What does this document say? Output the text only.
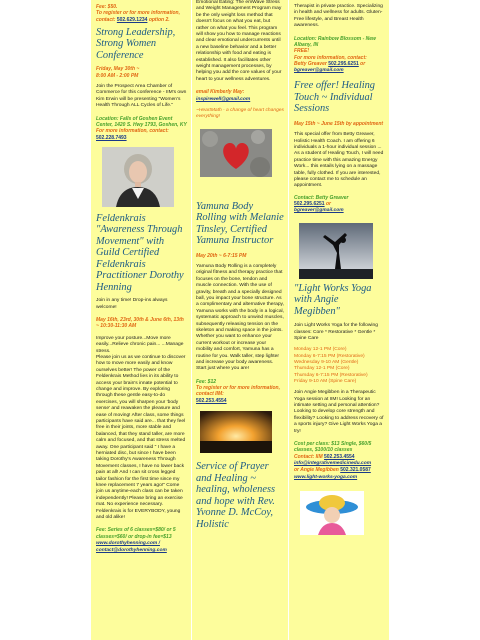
Fee: $50.

To register or for more information, contact: 502.629.1234 option 2.

Strong Leadership, Strong Women Conference

Friday, May 30th ~

8:00 AM - 2:00 PM

Join the Prospect Area Chamber of Commerce for this conference - IIM's own Kim Erwin will be presenting "Women's Health Through ALL Cycles of Life."

Location: Falls of Goshen Event Center, 1420 S. Hwy 1793, Goshen, KY

For more information, contact:

502.228.7493

Feldenkrais "Awareness Through Movement" with Guild Certified Feldenkrais Practitioner Dorothy Henning

Join in any time! Drop-ins always welcome!

May 16th, 23rd, 30th & June 6th, 13th ~ 10:30-11:30 AM

Improve your posture...Move more easily...Relieve chronic pain... ...Manage stress.

Please join us as we continue to discover how to move more easily and know ourselves better! The power of the Feldenkrais Method lies in its ability to access your brain's innate potential to change and improve. By exploring through these gentle easy-to-do exercises, you will sharpen your 'body sense' and reawaken the pleasure and ease of moving! After class, some things participants have said are... that they feel free in their joints, more stable and balanced, that they stand taller, are more calm and focused, and that stress melted away. One participant said " I have a herniated disc, but since I have been taking Dorothy's Awareness Through Movement classes, I have no lower back pain at all! And I can sit cross legged tailor fashion for the first time since my knee replacement 7 years ago!" Come join us anytime-each class can be taken independently! Please bring an exercise mat. No experience necessary. Feldenkrais is for EVERYBODY, young and old alike!

Fee: Series of 6 classes=$80/ or 5 classes=$60/ or drop-in fee=$13

www.dorothyhenning.com /

contact@dorothyhenning.com

Emotional Eating: The emWave Stress and Weight Management Program may be the only weight loss method that doesn't focus on what you eat, but rather on what you feel. This program will show you how to manage reactions and clear emotional undercurrents until a new baseline behavior and a better relationship with food and eating is established. It also facilitates other weight management processes, by helping you add the core values of your heart to your wellness adventures.

email Kimberly May:

inspirewell@gmail.com

~HeartMath - a change of heart changes everything!

Yamuna Body Rolling with Melanie Tinsley, Certified Yamuna Instructor

May 20th ~ 6-7:15 PM

Yamuna Body Rolling is a completely original fitness and therapy practice that focuses on the bone, tendon and muscle connection. With the use of gravity, breath and a specially designed ball, you impact your bone structure. As a complimentary and alternative therapy, Yamuna works with the body in a logical, systematic approach to unwind muscles, subsequently releasing tension on the skeleton and making space in the joints. Whether you want to enhance your current workout or increase your mobility and comfort, Yamuna has a routine for you. Walk taller, step lighter and increase your body awareness. Start just where you are!

Fee: $12

To register or for more information, contact IIM:

502.253.4554

Service of Prayer and Healing ~ healing, wholeness and hope with Rev. Yvonne D. McCoy, Holistic

Therapist in private practice. Specializing in health and wellness for adults. Gluten-Free lifestyle, and Breast Health awareness.

Location: Rainbow Blossom - New Albany, IN

FREE!

For more information, contact:

Betty Greaver 502.295.6251 or

bgreaver@gmail.com

Free offer! Healing Touch ~ Individual Sessions

May 15th ~ June 15th by appointment

This special offer from Betty Greaver, Holistic Health Coach. I am offering 6 individuals a 1-hour individual session ... As a student of Healing Touch, I will need practice time with this amazing Energy Work... this entails lying on a massage table, fully clothed. If you are interested, please contact me to schedule an appointment.

Contact: Betty Greaver

502.295.6251 or

bgreaver@gmail.com

"Light Works Yoga with Angie Megibben"

Join Light Works Yoga for the following classes: Core * Restorative * Gentle * Spine Care

Monday 12-1 PM (Core)

Monday 6-7:15 PM (Restorative)

Wednesday 9-10 AM (Gentle)

Thursday 12-1 PM (Core)

Thursday 6-7:15 PM (Restorative)

Friday 9-10 AM (Spine Care)

Join Angie Megibben in a Therapeutic Yoga session at IIM! Looking for an intimate setting and personal attention? Looking to develop core strength and flexibility? Looking to address recovery of a sports injury? Give Light Works Yoga a try!

Cost per class: $13 Single, $60/5 classes, $100/10 classes

Contact: IIM 502.253.4554

info@integrativemedicinedu.com

or Angie Megibben 502.321.0587

www.light-works-yoga.com
